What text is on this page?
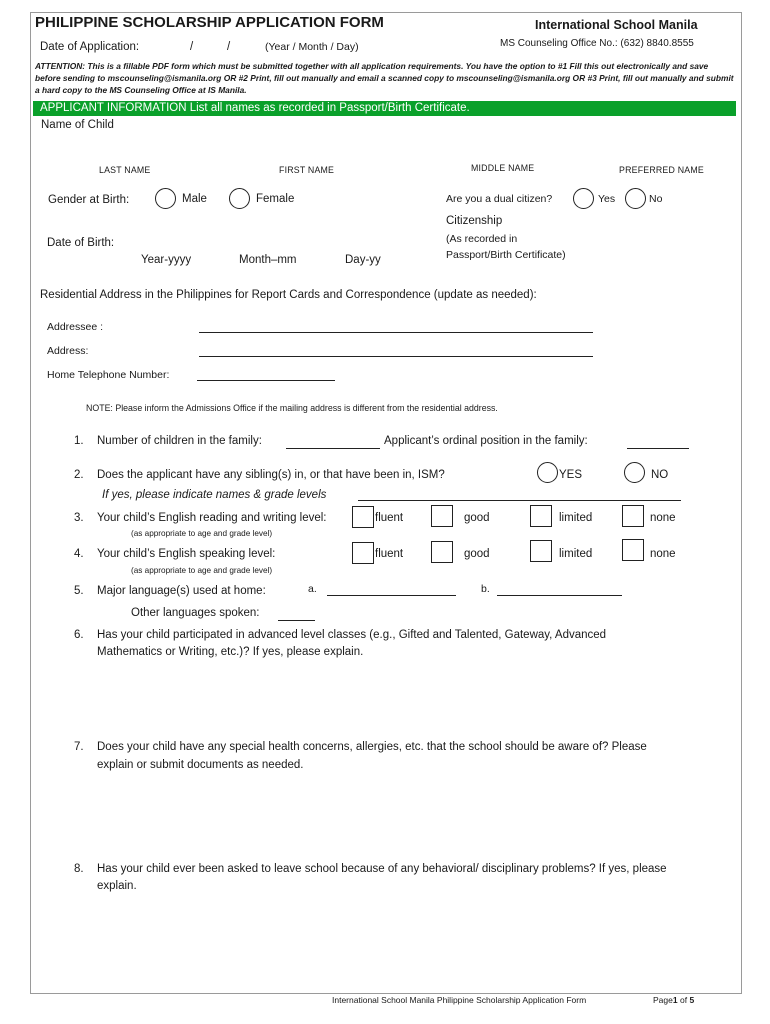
PHILIPPINE SCHOLARSHIP APPLICATION FORM	International School Manila
MS Counseling Office No.: (632) 8840.8555
Date of Application:	/	/	(Year / Month / Day)
ATTENTION: This is a fillable PDF form which must be submitted together with all application requirements. You have the option to #1 Fill this out electronically and save before sending to mscounseling@ismanila.org OR #2 Print, fill out manually and email a scanned copy to mscounseling@ismanila.org OR #3 Print, fill out manually and submit a hard copy to the MS Counseling Office at IS Manila.
APPLICANT INFORMATION List all names as recorded in Passport/Birth Certificate.
Name of Child
LAST NAME	FIRST NAME	MIDDLE NAME	PREFERRED NAME
Gender at Birth:	Male	Female	Are you a dual citizen?	Yes	No
Citizenship
(As recorded in
Passport/Birth Certificate)
Date of Birth:
Year-yyyy	Month–mm	Day-yy
Residential Address in the Philippines for Report Cards and Correspondence (update as needed):
Addressee :
Address:
Home Telephone Number:
NOTE: Please inform the Admissions Office if the mailing address is different from the residential address.
1. Number of children in the family:	Applicant’s ordinal position in the family:
2. Does the applicant have any sibling(s) in, or that have been in, ISM?	YES	NO
If yes, please indicate names & grade levels
3. Your child’s English reading and writing level:
(as appropriate to age and grade level)
fluent	good	limited	none
4. Your child’s English speaking level:
(as appropriate to age and grade level)
fluent	good	limited	none
5. Major language(s) used at home:	a.	b.
Other languages spoken:
6. Has your child participated in advanced level classes (e.g., Gifted and Talented, Gateway, Advanced
Mathematics or Writing, etc.)? If yes, please explain.
7. Does your child have any special health concerns, allergies, etc. that the school should be aware of? Please
explain or submit documents as needed.
8. Has your child ever been asked to leave school because of any behavioral/ disciplinary problems? If yes, please
explain.
International School Manila Philippine Scholarship Application Form	Page1 of 5
